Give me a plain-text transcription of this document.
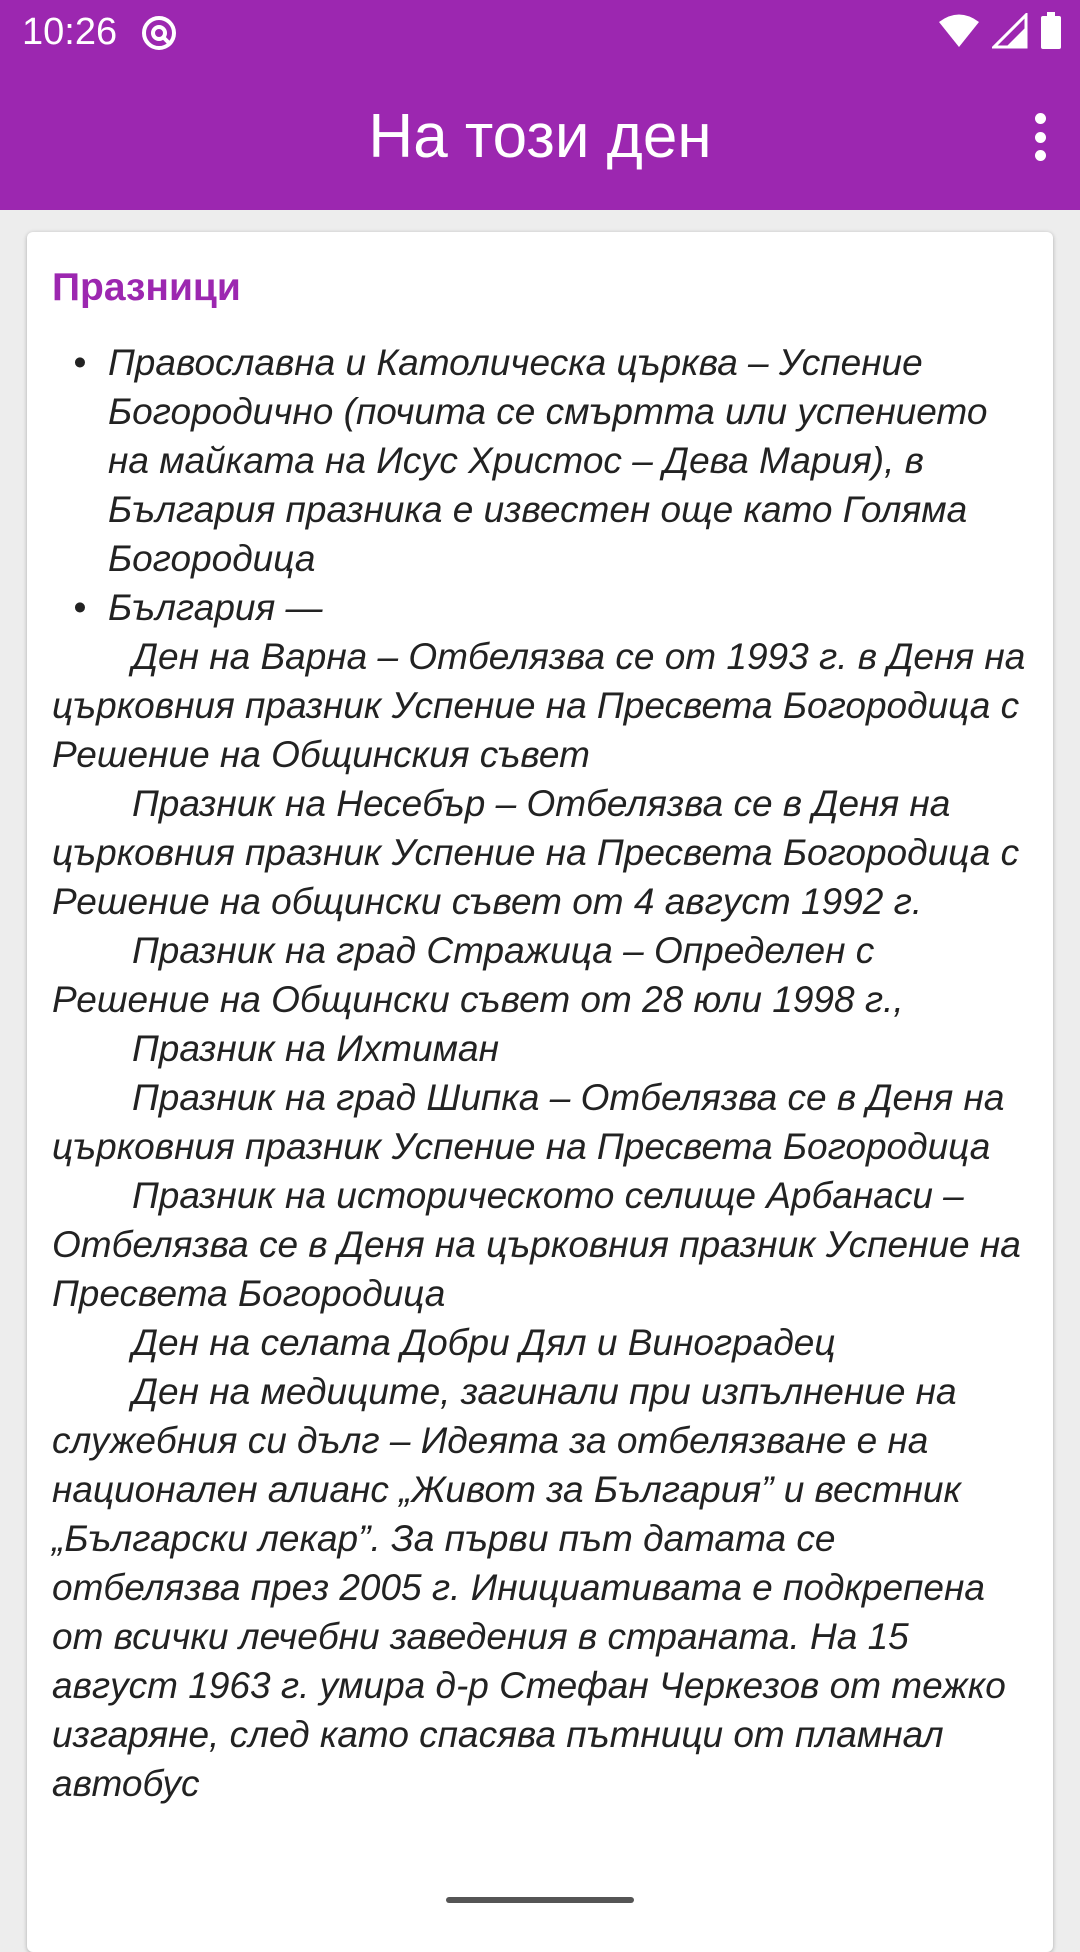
10:26
На този ден
Празници
• Православна и Католическа църква – Успение Богородично (почита се смъртта или успението на майката на Исус Христос – Дева Мария), в България празника е известен още като Голяма Богородица
• България —
Ден на Варна – Отбелязва се от 1993 г. в Деня на църковния празник Успение на Пресвета Богородица с Решение на Общинския съвет
Празник на Несебър – Отбелязва се в Деня на църковния празник Успение на Пресвета Богородица с Решение на общински съвет от 4 август 1992 г.
Празник на град Стражица – Определен с Решение на Общински съвет от 28 юли 1998 г.,
Празник на Ихтиман
Празник на град Шипка – Отбелязва се в Деня на църковния празник Успение на Пресвета Богородица
Празник на историческото селище Арбанаси – Отбелязва се в Деня на църковния празник Успение на Пресвета Богородица
Ден на селата Добри Дял и Виноградец
Ден на медиците, загинали при изпълнение на служебния си дълг – Идеята за отбелязване е на национален алианс „Живот за България” и вестник „Български лекар”. За първи път датата се отбелязва през 2005 г. Инициативата е подкрепена от всички лечебни заведения в страната. На 15 август 1963 г. умира д-р Стефан Черкезов от тежко изгаряне, след като спасява пътници от пламнал автобус
